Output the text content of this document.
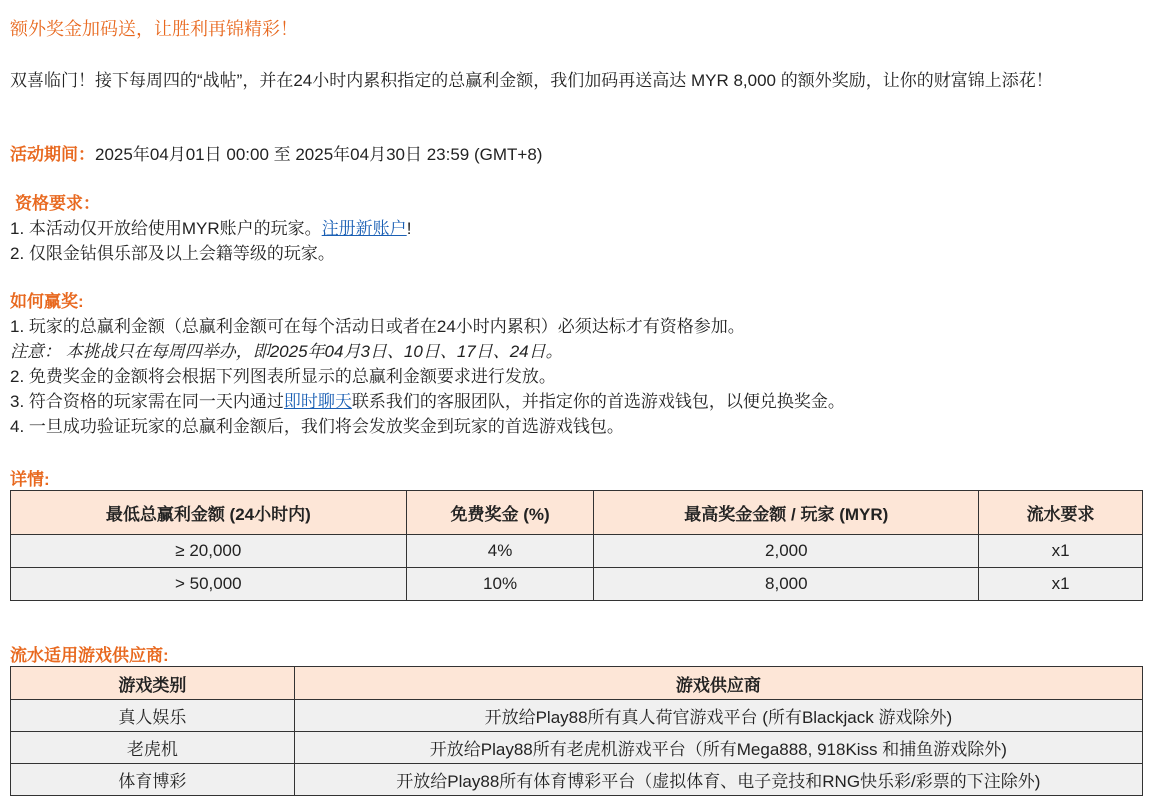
额外奖金加码送，让胜利再锦精彩！
双喜临门！接下每周四的“战帖”，并在24小时内累积指定的总赢利金额，我们加码再送高达 MYR 8,000 的额外奖励，让你的财富锦上添花！
活动期间：2025年04月01日 00:00 至 2025年04月30日 23:59 (GMT+8)
资格要求：
1. 本活动仅开放给使用MYR账户的玩家。注册新账户!
2. 仅限金钻俱乐部及以上会籍等级的玩家。
如何赢奖:
1. 玩家的总赢利金额（总赢利金额可在每个活动日或者在24小时内累积）必须达标才有资格参加。
注意： 本挑战只在每周四举办，即2025年04月3日、10日、17日、24日。
2. 免费奖金的金额将会根据下列图表所显示的总赢利金额要求进行发放。
3. 符合资格的玩家需在同一天内通过即时聊天联系我们的客服团队，并指定你的首选游戏钱包，以便兑换奖金。
4. 一旦成功验证玩家的总赢利金额后，我们将会发放奖金到玩家的首选游戏钱包。
详情:
最低总赢利金额 (24小时内)	免费奖金 (%)	最高奖金金额 / 玩家 (MYR)	流水要求
≥ 20,000	4%	2,000	x1
> 50,000	10%	8,000	x1
流水适用游戏供应商:
游戏类别	游戏供应商
真人娱乐	开放给Play88所有真人荷官游戏平台 (所有Blackjack 游戏除外)
老虎机	开放给Play88所有老虎机游戏平台（所有Mega888, 918Kiss 和捕鱼游戏除外)
体育博彩	开放给Play88所有体育博彩平台（虚拟体育、电子竞技和RNG快乐彩/彩票的下注除外)
